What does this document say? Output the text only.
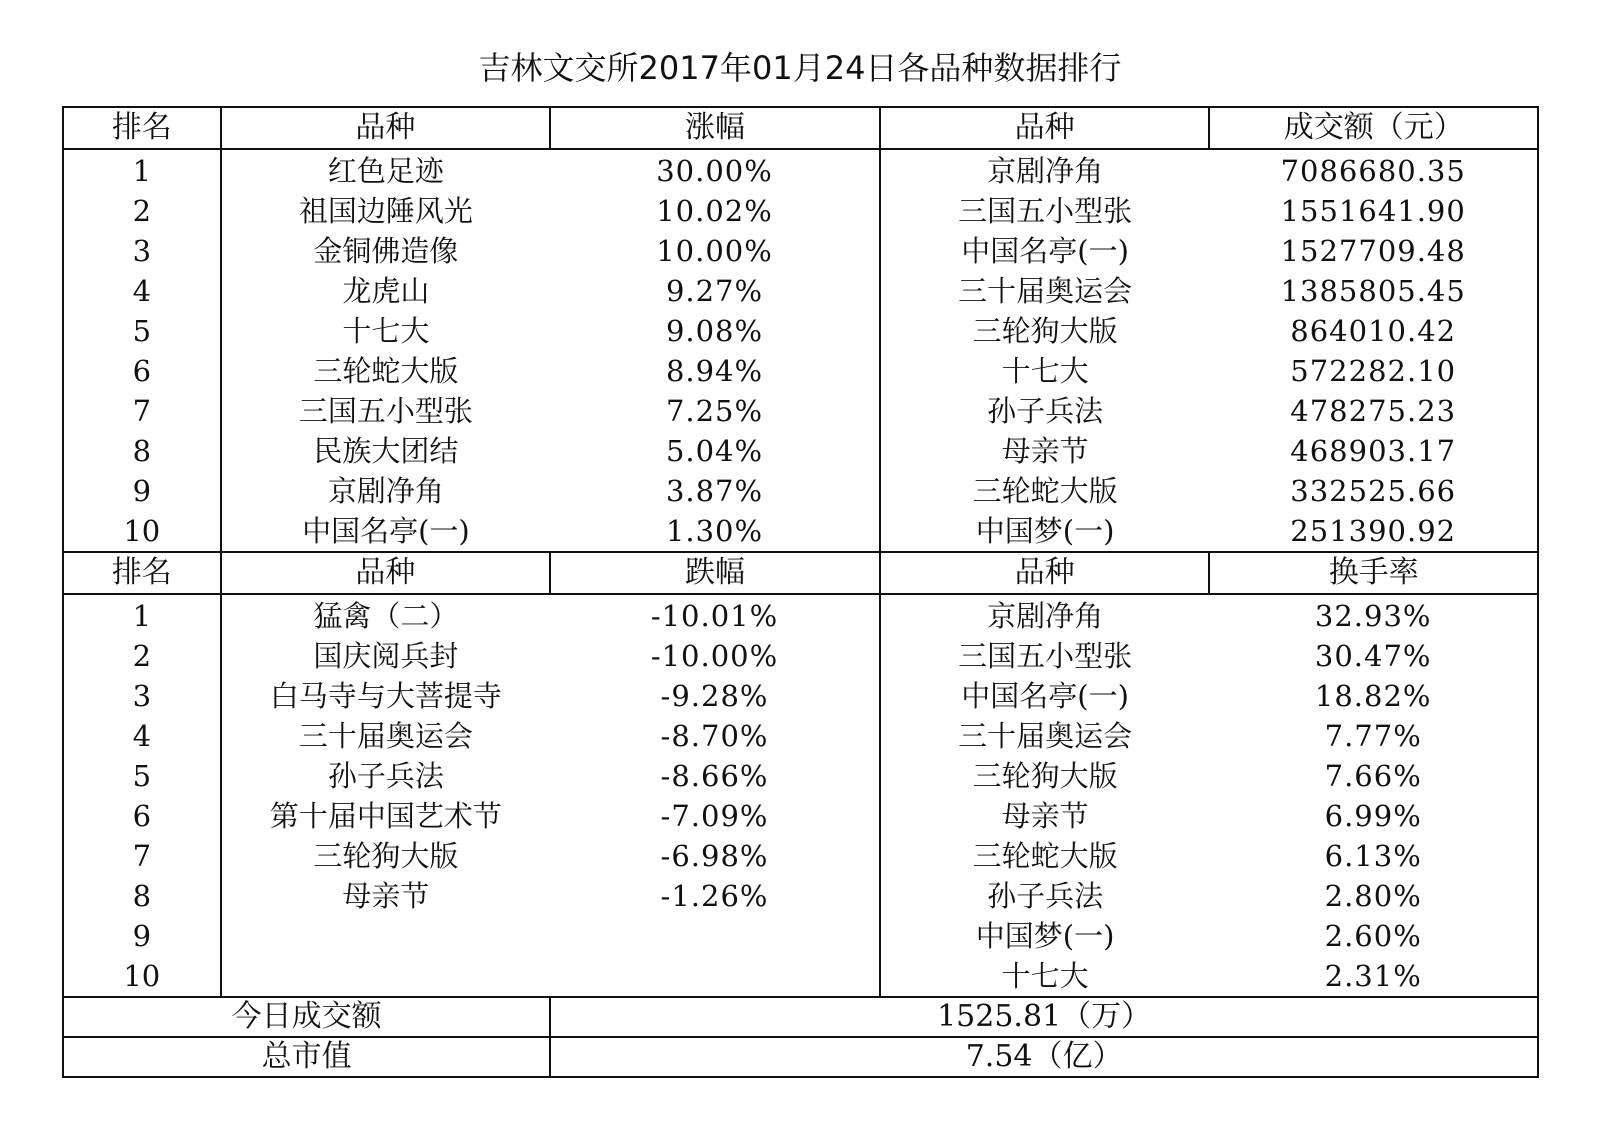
吉林文交所2017年01月24日各品种数据排行
排名	品种	涨幅	品种	成交额（元）
1	红色足迹	30.00%	京剧净角	7086680.35
2	祖国边陲风光	10.02%	三国五小型张	1551641.90
3	金铜佛造像	10.00%	中国名亭(一)	1527709.48
4	龙虎山	9.27%	三十届奥运会	1385805.45
5	十七大	9.08%	三轮狗大版	864010.42
6	三轮蛇大版	8.94%	十七大	572282.10
7	三国五小型张	7.25%	孙子兵法	478275.23
8	民族大团结	5.04%	母亲节	468903.17
9	京剧净角	3.87%	三轮蛇大版	332525.66
10	中国名亭(一)	1.30%	中国梦(一)	251390.92
排名	品种	跌幅	品种	换手率
1	猛禽（二）	-10.01%	京剧净角	32.93%
2	国庆阅兵封	-10.00%	三国五小型张	30.47%
3	白马寺与大菩提寺	-9.28%	中国名亭(一)	18.82%
4	三十届奥运会	-8.70%	三十届奥运会	7.77%
5	孙子兵法	-8.66%	三轮狗大版	7.66%
6	第十届中国艺术节	-7.09%	母亲节	6.99%
7	三轮狗大版	-6.98%	三轮蛇大版	6.13%
8	母亲节	-1.26%	孙子兵法	2.80%
9			中国梦(一)	2.60%
10			十七大	2.31%
今日成交额		1525.81（万）		
总市值		7.54（亿）		
